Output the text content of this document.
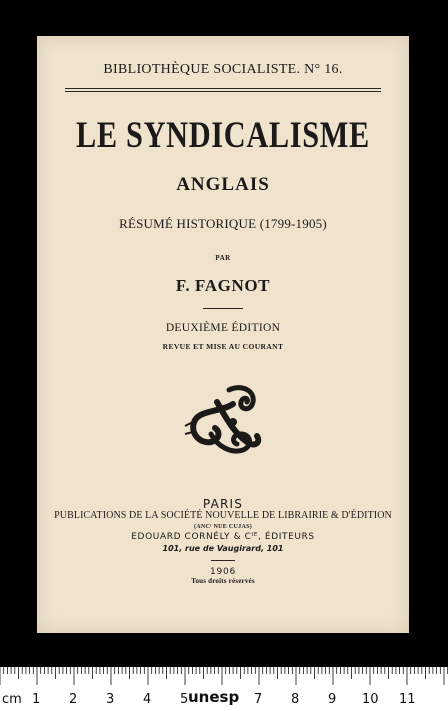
BIBLIOTHÈQUE SOCIALISTE. N° 16.
LE SYNDICALISME
ANGLAIS
RÉSUMÉ HISTORIQUE (1799-1905)
PAR
F. FAGNOT
DEUXIÈME ÉDITION
REVUE ET MISE AU COURANT
PARIS
PUBLICATIONS DE LA SOCIÉTÉ NOUVELLE DE LIBRAIRIE & D'ÉDITION
(ANCᵗ NUE CUJAS)
EDOUARD CORNÉLY & Cᴵᴱ, ÉDITEURS
101, rue de Vaugirard, 101
1906
Tous droits réservés
cm 1 2 3 4 5 unesp 7 8 9 10 11
